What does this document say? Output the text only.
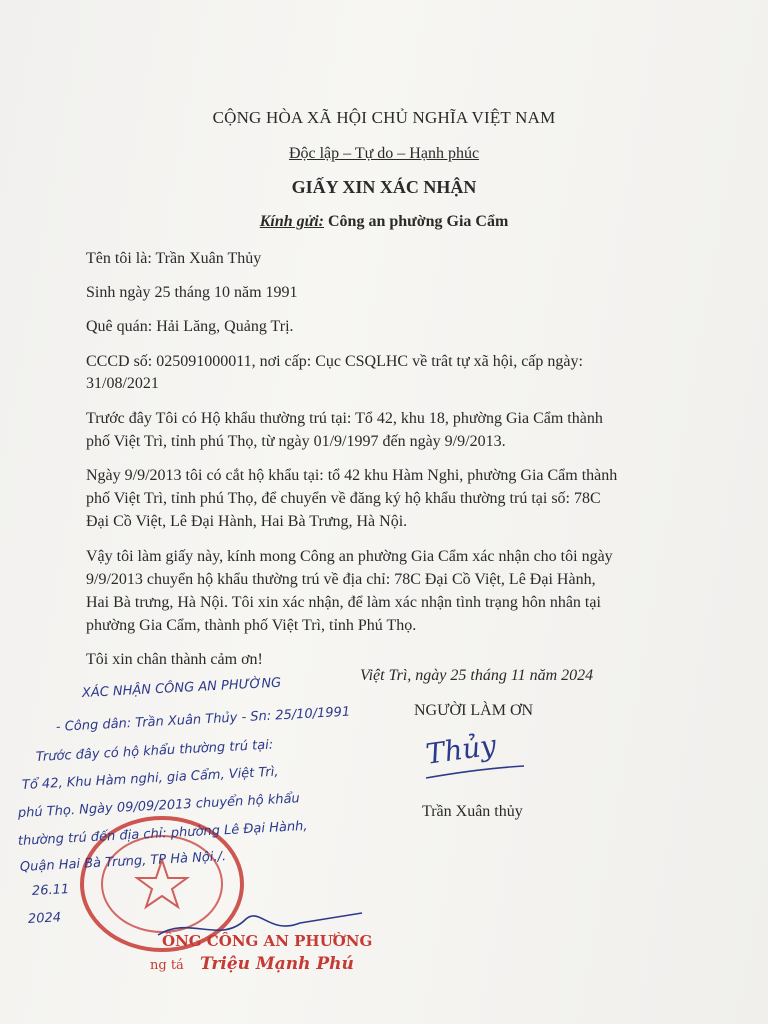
CỘNG HÒA XÃ HỘI CHỦ NGHĨA VIỆT NAM
Độc lập – Tự do – Hạnh phúc
GIẤY XIN XÁC NHẬN
Kính gửi: Công an phường Gia Cẩm
Tên tôi là: Trần Xuân Thủy
Sinh ngày 25 tháng 10 năm 1991
Quê quán: Hải Lăng, Quảng Trị.
CCCD số: 025091000011, nơi cấp: Cục CSQLHC về trât tự xã hội, cấp ngày:
31/08/2021
Trước đây Tôi có Hộ khẩu thường trú tại: Tổ 42, khu 18, phường Gia Cẩm thành
phố Việt Trì, tỉnh phú Thọ, từ ngày 01/9/1997 đến ngày 9/9/2013.
Ngày 9/9/2013 tôi có cắt hộ khẩu tại: tổ 42 khu Hàm Nghi, phường Gia Cẩm thành
phố Việt Trì, tỉnh phú Thọ, để chuyển về đăng ký hộ khẩu thường trú tại số: 78C
Đại Cồ Việt, Lê Đại Hành, Hai Bà Trưng, Hà Nội.
Vậy tôi làm giấy này, kính mong Công an phường Gia Cẩm xác nhận cho tôi ngày
9/9/2013 chuyển hộ khẩu thường trú về địa chỉ: 78C Đại Cồ Việt, Lê Đại Hành,
Hai Bà trưng, Hà Nội. Tôi xin xác nhận, để làm xác nhận tình trạng hôn nhân tại
phường Gia Cẩm, thành phố Việt Trì, tỉnh Phú Thọ.
Tôi xin chân thành cảm ơn!
Việt Trì, ngày 25 tháng 11 năm 2024
NGƯỜI LÀM ƠN
Thủy
Trần Xuân thủy
XÁC NHẬN CÔNG AN PHƯỜNG
- Công dân: Trần Xuân Thủy - Sn: 25/10/1991
Trước đây có hộ khẩu thường trú tại:
Tổ 42, Khu Hàm nghi, gia Cẩm, Việt Trì,
phú Thọ. Ngày 09/09/2013 chuyển hộ khẩu
thường trú đến địa chỉ: phường Lê Đại Hành,
Quận Hai Bà Trưng, TP Hà Nội./.
26.11
2024
ÔNG CÔNG AN PHƯỜNG
ng tá Triệu Mạnh Phú
